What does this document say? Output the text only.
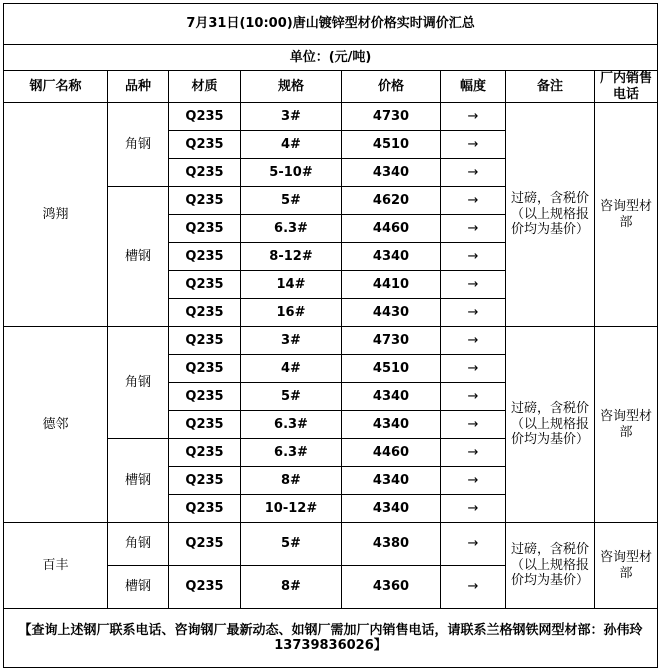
7月31日(10:00)唐山镀锌型材价格实时调价汇总							
单位：(元/吨)							
钢厂名称	品种	材质	规格	价格	幅度	备注	厂内销售电话
鸿翔	角钢	Q235	3#	4730	→	过磅，含税价（以上规格报价均为基价）	咨询型材部
		Q235	4#	4510	→		
		Q235	5-10#	4340	→		
	槽钢	Q235	5#	4620	→		
		Q235	6.3#	4460	→		
		Q235	8-12#	4340	→		
		Q235	14#	4410	→		
		Q235	16#	4430	→		
德邻	角钢	Q235	3#	4730	→	过磅，含税价（以上规格报价均为基价）	咨询型材部
		Q235	4#	4510	→		
		Q235	5#	4340	→		
		Q235	6.3#	4340	→		
	槽钢	Q235	6.3#	4460	→		
		Q235	8#	4340	→		
		Q235	10-12#	4340	→		
百丰	角钢	Q235	5#	4380	→	过磅，含税价（以上规格报价均为基价）	咨询型材部
	槽钢	Q235	8#	4360	→		
【查询上述钢厂联系电话、咨询钢厂最新动态、如钢厂需加厂内销售电话，请联系兰格钢铁网型材部：孙伟玲13739836026】							
